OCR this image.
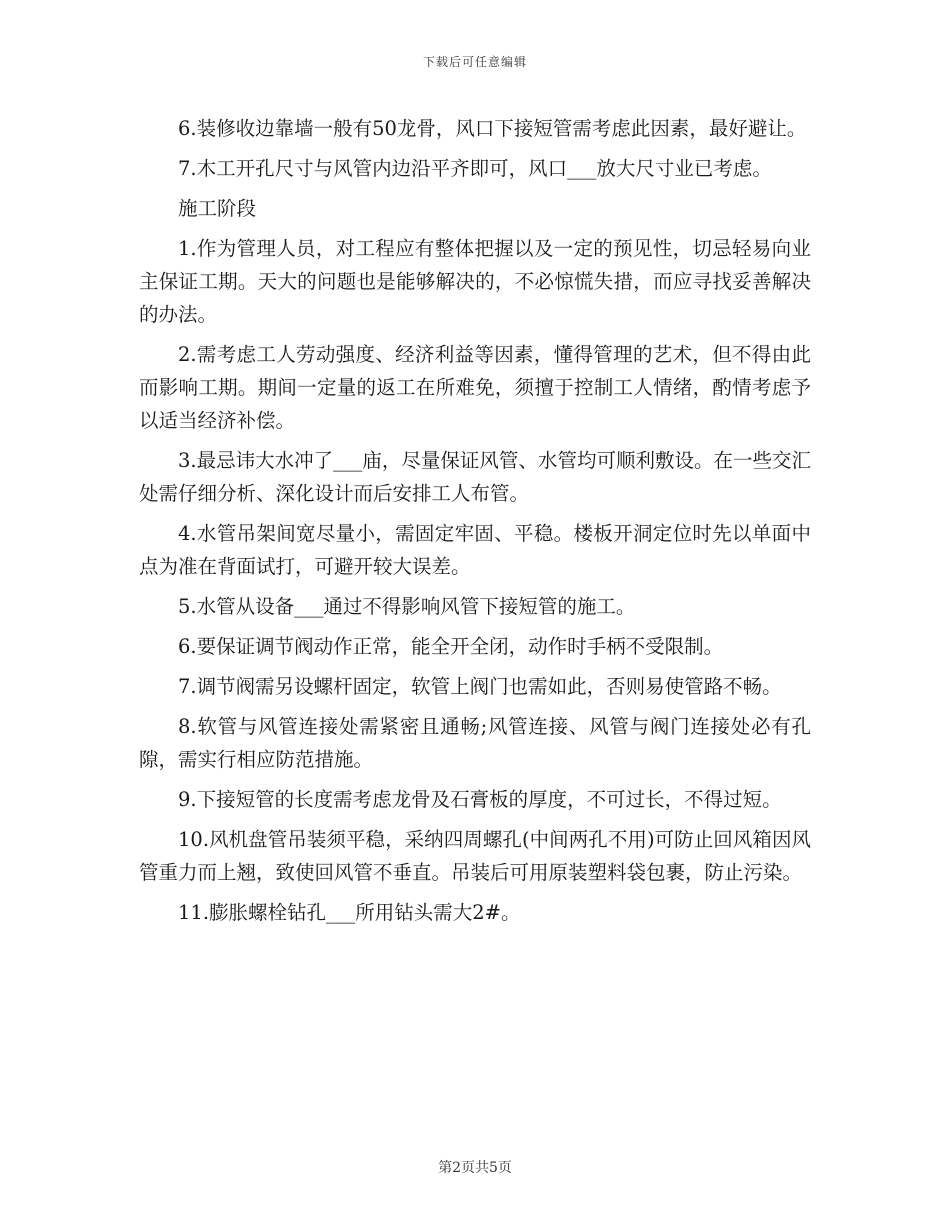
下载后可任意编辑

6.装修收边靠墙一般有50龙骨，风口下接短管需考虑此因素，最好避让。

7.木工开孔尺寸与风管内边沿平齐即可，风口___放大尺寸业已考虑。

施工阶段

1.作为管理人员，对工程应有整体把握以及一定的预见性，切忌轻易向业主保证工期。天大的问题也是能够解决的，不必惊慌失措，而应寻找妥善解决的办法。

2.需考虑工人劳动强度、经济利益等因素，懂得管理的艺术，但不得由此而影响工期。期间一定量的返工在所难免，须擅于控制工人情绪，酌情考虑予以适当经济补偿。

3.最忌讳大水冲了___庙，尽量保证风管、水管均可顺利敷设。在一些交汇处需仔细分析、深化设计而后安排工人布管。

4.水管吊架间宽尽量小，需固定牢固、平稳。楼板开洞定位时先以单面中点为准在背面试打，可避开较大误差。

5.水管从设备___通过不得影响风管下接短管的施工。

6.要保证调节阀动作正常，能全开全闭，动作时手柄不受限制。

7.调节阀需另设螺杆固定，软管上阀门也需如此，否则易使管路不畅。

8.软管与风管连接处需紧密且通畅;风管连接、风管与阀门连接处必有孔隙，需实行相应防范措施。

9.下接短管的长度需考虑龙骨及石膏板的厚度，不可过长，不得过短。

10.风机盘管吊装须平稳，采纳四周螺孔(中间两孔不用)可防止回风箱因风管重力而上翘，致使回风管不垂直。吊装后可用原装塑料袋包裹，防止污染。

11.膨胀螺栓钻孔___所用钻头需大2#。

第2页共5页
